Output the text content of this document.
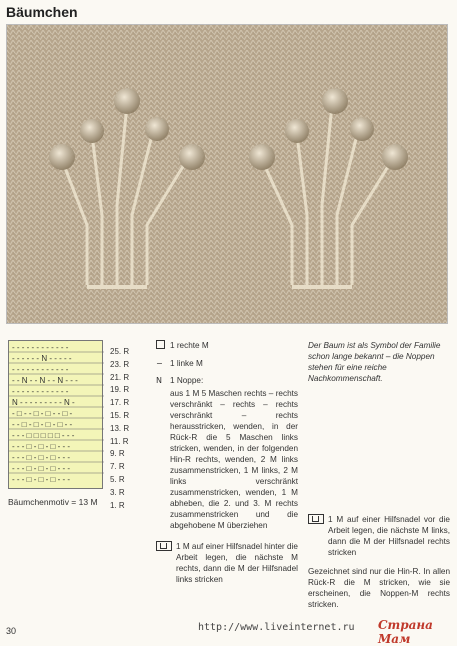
Bäumchen
- - - - - - - - - - - -
- - - - - - N - - - - -
- - - - - - - - - - - -
- - N - - N - - N - - -
- - - - - - - - - - - -
N - - - - - - - - - N -
- □ - - □ - □ - - □ -
- - □ - □ - □ - □ - -
- - - □ □ □ □ □ - - -
- - - □ - □ - □ - - -
- - - □ - □ - □ - - -
- - - □ - □ - □ - - -
- - - □ - □ - □ - - -
25. R
23. R
21. R
19. R
17. R
15. R
13. R
11. R
9. R
7. R
5. R
3. R
1. R
Bäumchenmotiv = 13 M
1 rechte M
− 1 linke M
N 1 Noppe:
aus 1 M 5 Maschen rechts – rechts verschränkt – rechts – rechts verschränkt – rechts herausstricken, wenden, in der Rück-R die 5 Maschen links stricken, wenden, in der folgenden Hin-R rechts, wenden, 2 M links zusammenstricken, 1 M links, 2 M links verschränkt zusammenstricken, wenden, 1 M abheben, die 2. und 3. M rechts zusammenstricken und die abgehobene M überziehen
1 M auf einer Hilfsnadel hinter die Arbeit legen, die nächste M rechts, dann die M der Hilfsnadel links stricken
Der Baum ist als Symbol der Familie schon lange bekannt – die Noppen stehen für eine reiche Nachkommenschaft.
1 M auf einer Hilfsnadel vor die Arbeit legen, die nächste M links, dann die M der Hilfsnadel rechts stricken
Gezeichnet sind nur die Hin-R. In allen Rück-R die M stricken, wie sie erscheinen, die Noppen-M rechts stricken.
30	http://www.liveinternet.ru Страна Мам
